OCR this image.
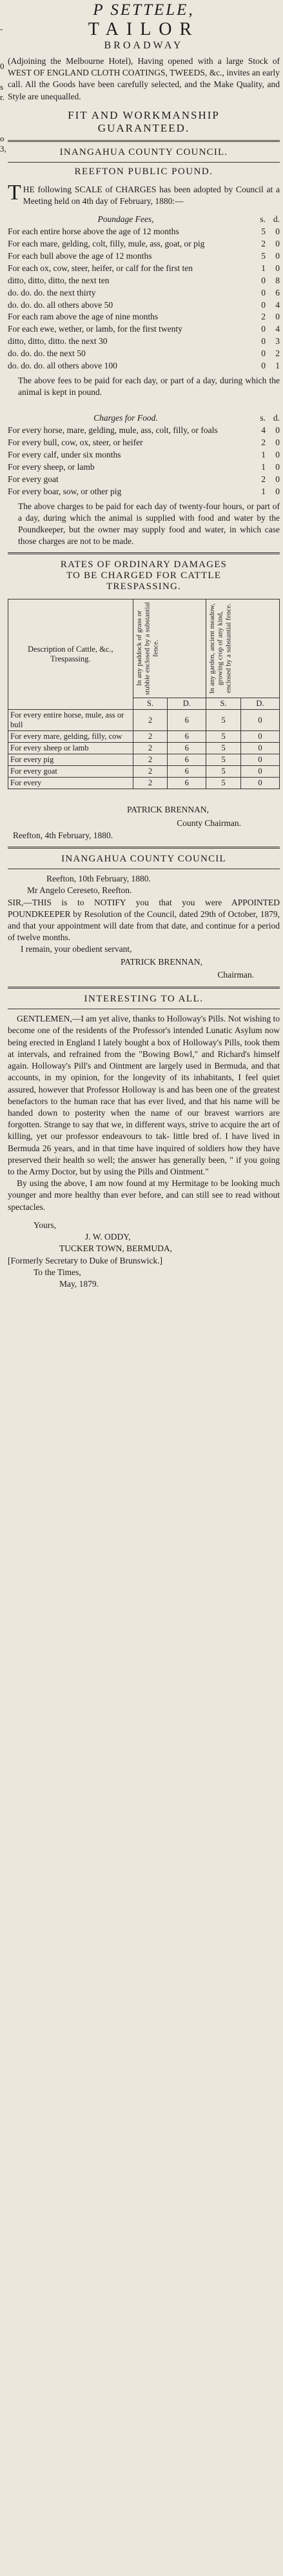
-
0
s
r.
o
3,
P SETTELE,
TAILOR
BROADWAY

(Adjoining the Melbourne Hotel), Having opened with a large Stock of WEST OF ENGLAND CLOTH COATINGS, TWEEDS, &c., invites an early call. All the Goods have been carefully selected, and the Make Quality, and Style are unequalled.

FIT AND WORKMANSHIP
GUARANTEED.
INANGAHUA COUNTY COUNCIL.
REEFTON PUBLIC POUND.

THE following SCALE of CHARGES has been adopted by Council at a Meeting held on 4th day of February, 1880:—

Poundage Fees,	s. d.
For each entire horse above the age of 12 months	5	0
For each mare, gelding, colt, filly, mule, ass, goat, or pig	2	0
For each bull above the age of 12 months	5	0
For each ox, cow, steer, heifer, or calf for the first ten	1	0
ditto, ditto, ditto, the next ten	0	8
do. do. do. the next thirty	0	6
do. do. do. all others above 50	0	4
For each ram above the age of nine months	2	0
For each ewe, wether, or lamb, for the first twenty	0	4
ditto, ditto, ditto. the next 30	0	3
do. do. do. the next 50	0	2
do. do. do. all others above 100	0	1

The above fees to be paid for each day, or part of a day, during which the animal is kept in pound.

Charges for Food.	s. d.
For every horse, mare, gelding, mule, ass, colt, filly, or foals	4	0
For every bull, cow, ox, steer, or heifer	2	0
For every calf, under six months	1	0
For every sheep, or lamb	1	0
For every goat	2	0
For every boar, sow, or other pig	1	0

The above charges to be paid for each day of twenty-four hours, or part of a day, during which the animal is supplied with food and water by the Poundkeeper, but the owner may supply food and water, in which case those charges are not to be made.

RATES OF ORDINARY DAMAGES
TO BE CHARGED FOR CATTLE
TRESPASSING.
Description of Cattle, &c., Trespassing.	In any paddock of grass or stubble enclosed by a substantial fence.		In any garden, ancient meadow, growing crop of any kind, enclosed by a substantial fence.	

	S.	D.	S.	D.
For every entire horse, mule, ass or bull	2	6	5	0
For every mare, gelding, filly, cow	2	6	5	0
For every sheep or lamb	2	6	5	0
For every pig	2	6	5	0
For every goat	2	6	5	0
For every	2	6	5	0
PATRICK BRENNAN,
County Chairman.

Reefton, 4th February, 1880.

INANGAHUA COUNTY COUNCIL

Reefton, 10th February, 1880.

Mr Angelo Cereseto, Reefton.

SIR,—THIS is to NOTIFY you that you were APPOINTED POUNDKEEPER by Resolution of the Council, dated 29th of October, 1879, and that your appointment will date from that date, and continue for a period of twelve months.

I remain, your obedient servant,

PATRICK BRENNAN,
Chairman.
INTERESTING TO ALL.

GENTLEMEN,—I am yet alive, thanks to Holloway's Pills. Not wishing to become one of the residents of the Professor's intended Lunatic Asylum now being erected in England I lately bought a box of Holloway's Pills, took them at intervals, and refrained from the "Bowing Bowl," and Richard's himself again. Holloway's Pill's and Ointment are largely used in Bermuda, and that accounts, in my opinion, for the longevity of its inhabitants, I feel quiet assured, however that Professor Holloway is and has been one of the greatest benefactors to the human race that has ever lived, and that his name will be handed down to posterity when the name of our bravest warriors are forgotten. Strange to say that we, in different ways, strive to acquire the art of killing, yet our professor endeavours to tak- little bred of. I have lived in Bermuda 26 years, and in that time have inquired of soldiers how they have preserved their health so well; the answer has generally been, " if you going to the Army Doctor, but by using the Pills and Ointment."

By using the above, I am now found at my Hermitage to be looking much younger and more healthy than ever before, and can still see to read without spectacles.

Yours,

J. W. ODDY,

TUCKER TOWN, BERMUDA,

[Formerly Secretary to Duke of Brunswick.]

To the Times,

May, 1879.
